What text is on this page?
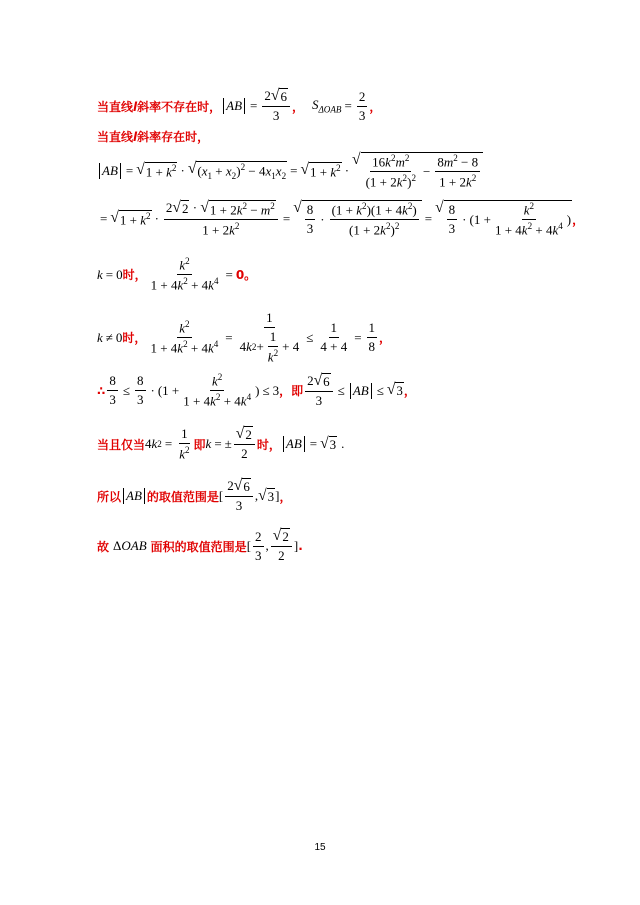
当直线l斜率不存在时， AB = $\frac{2 √ 6}{3}$ ， $S_{\Delta OAB} = \frac{2}{3}$ ，
当直线l斜率存在时，
AB = √ $1 + k^2$ · √ $(x_1 + x_2)^2 - 4x_1x_2$ = √ $1 + k^2$ ·
√ $\frac{16k^2m^2}{(1 + 2k^2)^2} - \frac{8m^2 - 8}{1 + 2k^2}$
= √ $1 + k^2 \cdot \frac{2 √ 2 \cdot √ 1 + 2k^2 - m^2}{1 + 2k^2}$ =
√ $\frac{8}{3} \cdot \frac{(1 + k^2)(1 + 4k^2)}{(1 + 2k^2)^2}$ =
√ $\frac{8}{3} \cdot (1 + \frac{k^2}{1 + 4k^2 + 4k^4}$ ) ，
k = 0 时， $\frac{k^2}{1 + 4k^2 + 4k^4} = 0$。
k ≠ 0 时， $\frac{k^2}{1 + 4k^2 + 4k^4} = \frac{1}{4 k 2 + \frac{1}{k^2} + 4} \le \frac{1}{4 + 4} = \frac{1}{8}$ ，
∴ $\frac{8}{3} \le \frac{8}{3} \cdot (1 + \frac{k^2}{1 + 4k^2 + 4k^4}$ ) ≤ 3 ，即 $\frac{2 √ 6}{3}$ ≤ AB ≤ √ 3 ，
当且仅当 4 k $2 = \frac{1}{k^2}$ 即 k = ± $\frac{√ 2}{2}$ 时， AB = √ 3 .
所以 AB 的取值范围是 [ $\frac{2 √ 6}{3}$ , √ 3 ] ，
故 ΔOAB 面积的取值范围是 [ $\frac{2}{3}$ , $\frac{√ 2}{2}$ ] .
15
